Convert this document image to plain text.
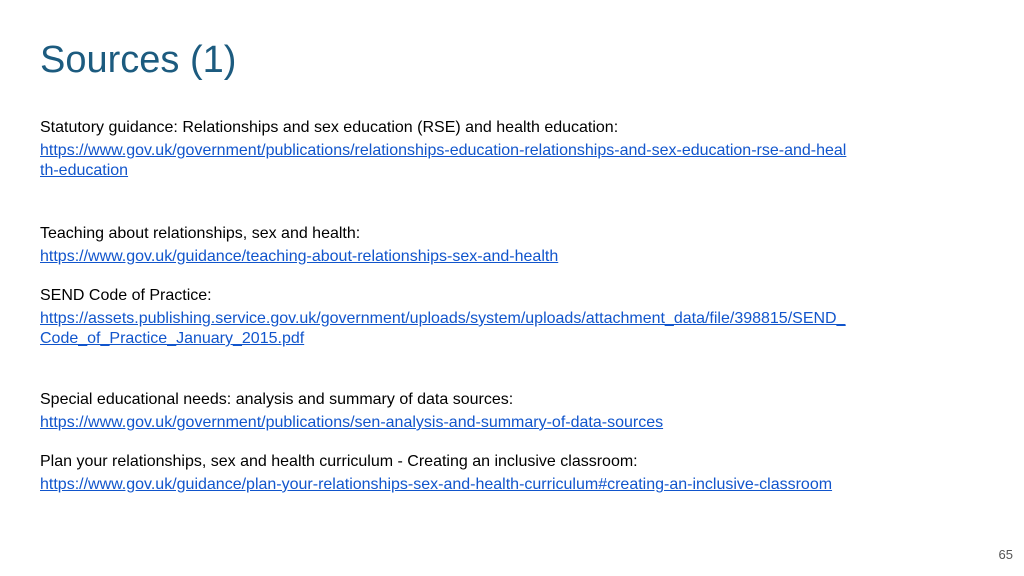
Sources (1)
Statutory guidance: Relationships and sex education (RSE) and health education:
https://www.gov.uk/government/publications/relationships-education-relationships-and-sex-education-rse-and-health-education
Teaching about relationships, sex and health:
https://www.gov.uk/guidance/teaching-about-relationships-sex-and-health
SEND Code of Practice:
https://assets.publishing.service.gov.uk/government/uploads/system/uploads/attachment_data/file/398815/SEND_Code_of_Practice_January_2015.pdf
Special educational needs: analysis and summary of data sources:
https://www.gov.uk/government/publications/sen-analysis-and-summary-of-data-sources
Plan your relationships, sex and health curriculum - Creating an inclusive classroom:
https://www.gov.uk/guidance/plan-your-relationships-sex-and-health-curriculum#creating-an-inclusive-classroom
65
